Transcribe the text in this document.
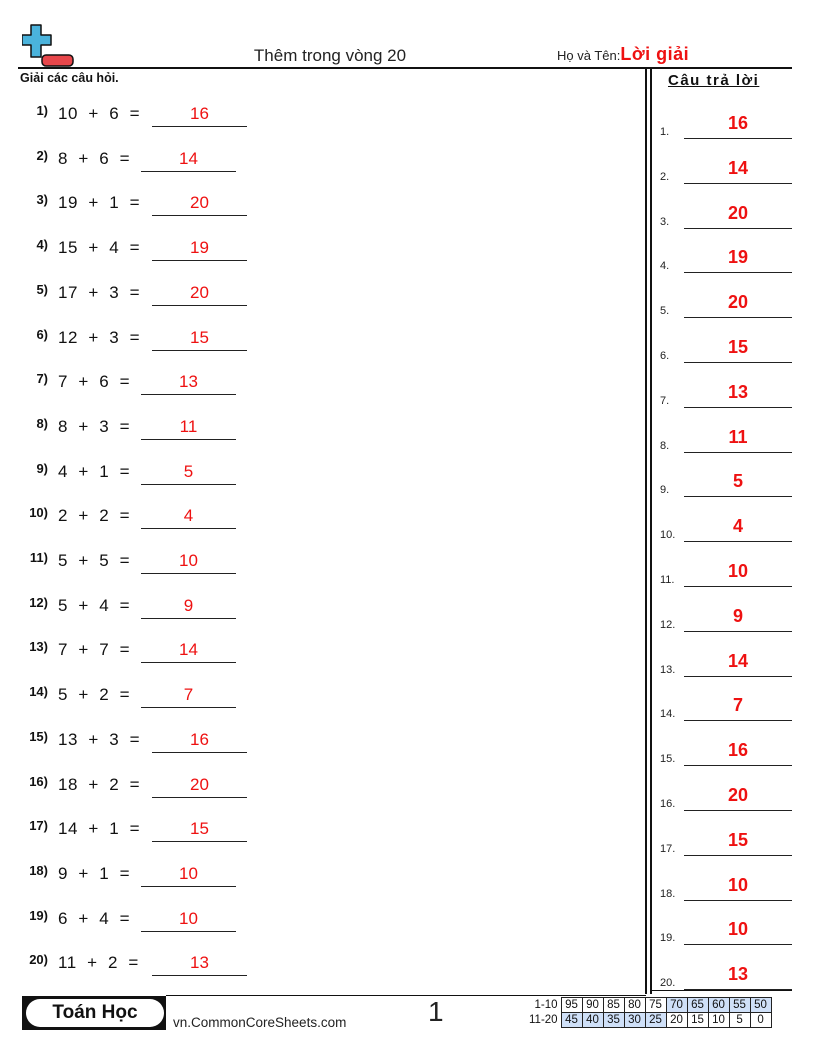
Thêm trong vòng 20	Họ và Tên:Lời giải
Giải các câu hỏi.
1) 10  +  6  =	16
2) 8  +  6  =	14
3) 19  +  1  =	20
4) 15  +  4  =	19
5) 17  +  3  =	20
6) 12  +  3  =	15
7) 7  +  6  =	13
8) 8  +  3  =	11
9) 4  +  1  =	5
10) 2  +  2  =	4
11) 5  +  5  =	10
12) 5  +  4  =	9
13) 7  +  7  =	14
14) 5  +  2  =	7
15) 13  +  3  =	16
16) 18  +  2  =	20
17) 14  +  1  =	15
18) 9  +  1  =	10
19) 6  +  4  =	10
20) 11  +  2  =	13
Câu trả lời
1.	16
2.	14
3.	20
4.	19
5.	20
6.	15
7.	13
8.	11
9.	5
10.	4
11.	10
12.	9
13.	14
14.	7
15.	16
16.	20
17.	15
18.	10
19.	10
20.	13
Toán Học	vn.CommonCoreSheets.com	1	1-10	95	90	85	80	75	70	65	60	55	50
11-20	45	40	35	30	25	20	15	10	5	0
